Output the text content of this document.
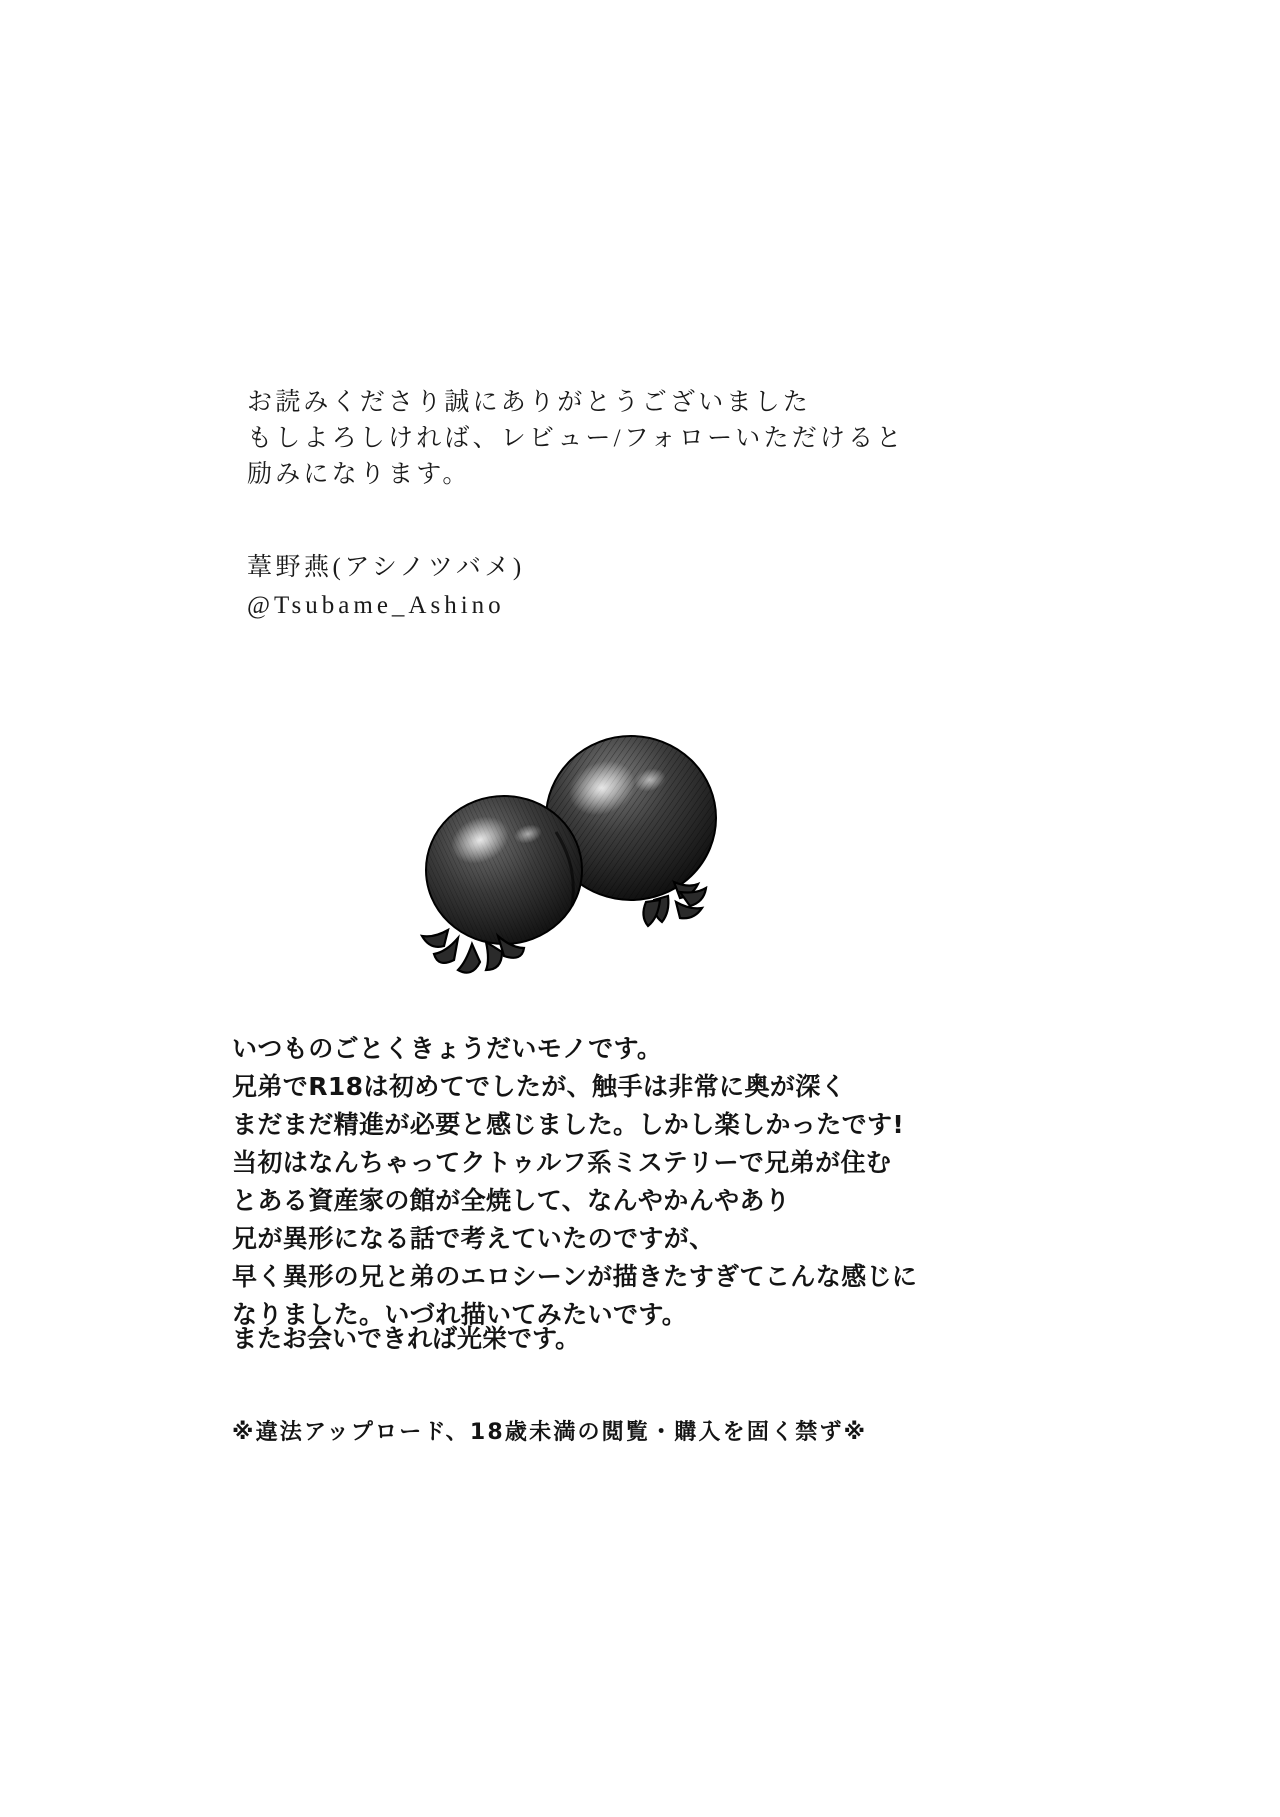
お読みくださり誠にありがとうございました
もしよろしければ、レビュー/フォローいただけると
励みになります。
葦野燕(アシノツバメ)
@Tsubame_Ashino
いつものごとくきょうだいモノです。
兄弟でR18は初めてでしたが、触手は非常に奥が深く
まだまだ精進が必要と感じました。しかし楽しかったです!
当初はなんちゃってクトゥルフ系ミステリーで兄弟が住む
とある資産家の館が全焼して、なんやかんやあり
兄が異形になる話で考えていたのですが、
早く異形の兄と弟のエロシーンが描きたすぎてこんな感じに
なりました。いづれ描いてみたいです。
またお会いできれば光栄です。
※違法アップロード、18歳未満の閲覧・購入を固く禁ず※
